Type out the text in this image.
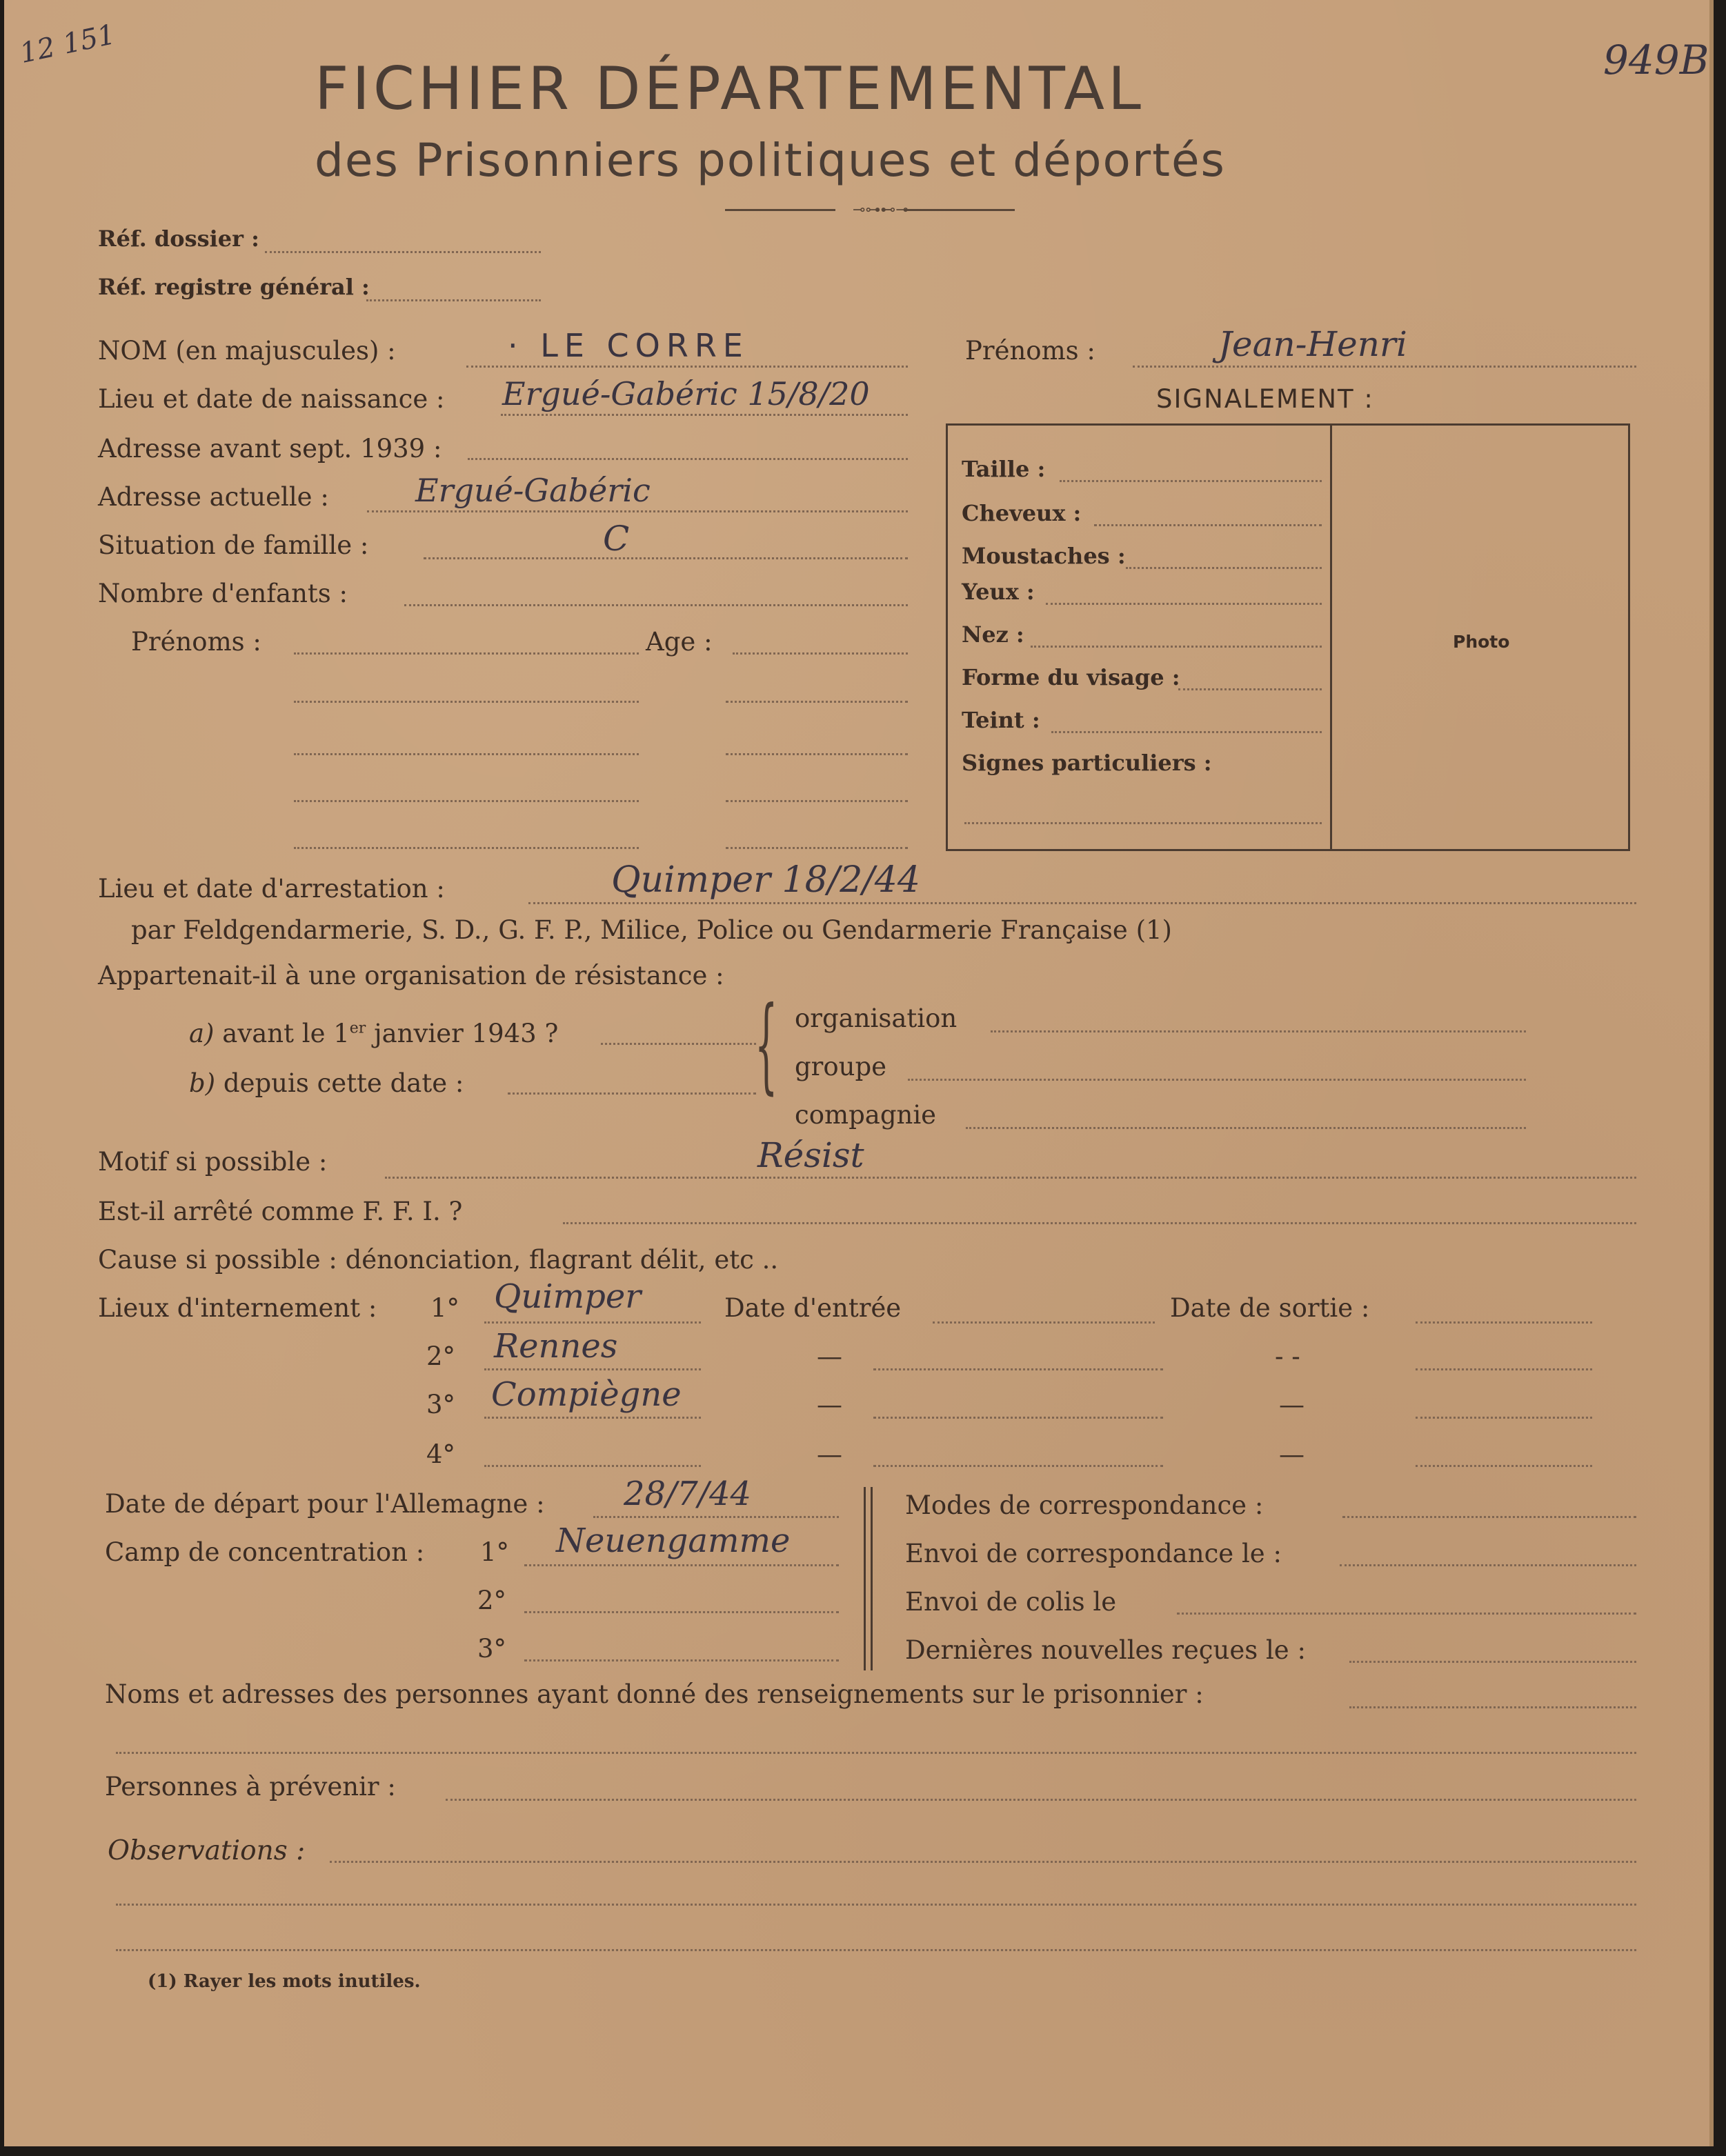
12 151	949B
FICHIER DÉPARTEMENTAL
des Prisonniers politiques et déportés
⊸⊶⊷⊸
Réf. dossier :
Réf. registre général :
NOM (en majuscules) :	· LE CORRE	Prénoms :	Jean-Henri
Lieu et date de naissance : Ergué-Gabéric 15/8/20	SIGNALEMENT :
Adresse avant sept. 1939 :
Adresse actuelle :	Ergué-Gabéric
Situation de famille :	C
Nombre d'enfants :
Prénoms :	Age :
Taille :
Cheveux :
Moustaches :
Yeux :
Nez :
Forme du visage :
Teint :
Signes particuliers :
Photo
Lieu et date d'arrestation :	Quimper 18/2/44
par Feldgendarmerie, S. D., G. F. P., Milice, Police ou Gendarmerie Française (1)
Appartenait-il à une organisation de résistance :
a) avant le 1er janvier 1943 ?
b) depuis cette date :	{ organisation
groupe
compagnie
Motif si possible :	Résist
Est-il arrêté comme F. F. I. ?
Cause si possible : dénonciation, flagrant délit, etc ..
Lieux d'internement : 1° Quimper	Date d'entrée	Date de sortie :
2° Rennes	—	- -
3° Compiègne	—	—
4°	—	—
Date de départ pour l'Allemagne : 28/7/44
Camp de concentration : 1° Neuengamme
2°
3°
Modes de correspondance :
Envoi de correspondance le :
Envoi de colis le
Dernières nouvelles reçues le :
Noms et adresses des personnes ayant donné des renseignements sur le prisonnier :
Personnes à prévenir :
Observations :
(1) Rayer les mots inutiles.
